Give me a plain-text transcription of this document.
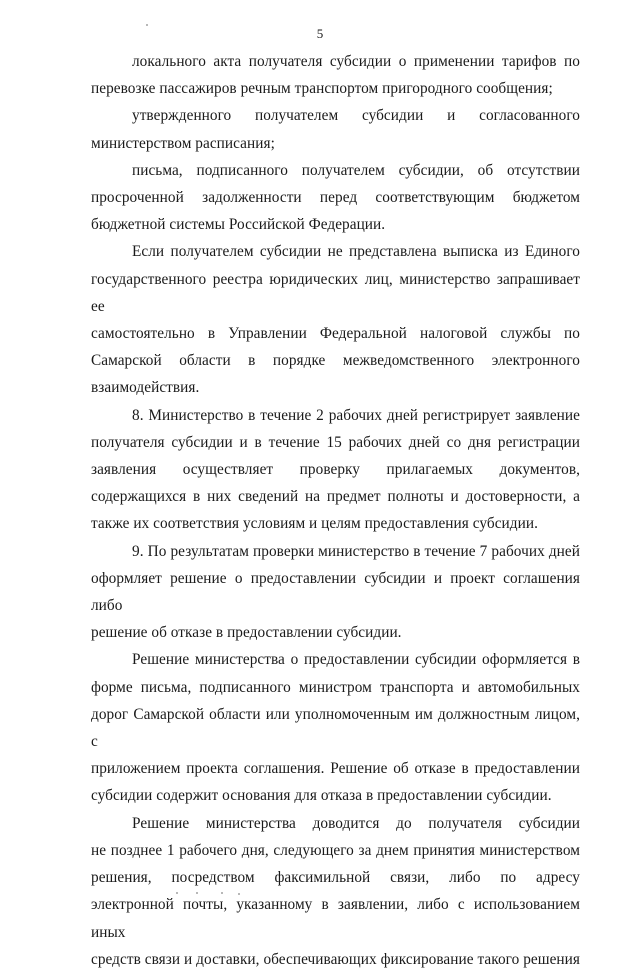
5
локального акта получателя субсидии о применении тарифов по
перевозке пассажиров речным транспортом пригородного сообщения;
утвержденного получателем субсидии и согласованного
министерством расписания;
письма, подписанного получателем субсидии, об отсутствии
просроченной задолженности перед соответствующим бюджетом
бюджетной системы Российской Федерации.
Если получателем субсидии не представлена выписка из Единого
государственного реестра юридических лиц, министерство запрашивает ее
самостоятельно в Управлении Федеральной налоговой службы по
Самарской области в порядке межведомственного электронного
взаимодействия.
8. Министерство в течение 2 рабочих дней регистрирует заявление
получателя субсидии и в течение 15 рабочих дней со дня регистрации
заявления осуществляет проверку прилагаемых документов,
содержащихся в них сведений на предмет полноты и достоверности, а
также их соответствия условиям и целям предоставления субсидии.
9. По результатам проверки министерство в течение 7 рабочих дней
оформляет решение о предоставлении субсидии и проект соглашения либо
решение об отказе в предоставлении субсидии.
Решение министерства о предоставлении субсидии оформляется в
форме письма, подписанного министром транспорта и автомобильных
дорог Самарской области или уполномоченным им должностным лицом, с
приложением проекта соглашения. Решение об отказе в предоставлении
субсидии содержит основания для отказа в предоставлении субсидии.
Решение министерства доводится до получателя субсидии
не позднее 1 рабочего дня, следующего за днем принятия министерством
решения, посредством факсимильной связи, либо по адресу
электронной почты, указанному в заявлении, либо с использованием иных
средств связи и доставки, обеспечивающих фиксирование такого решения
